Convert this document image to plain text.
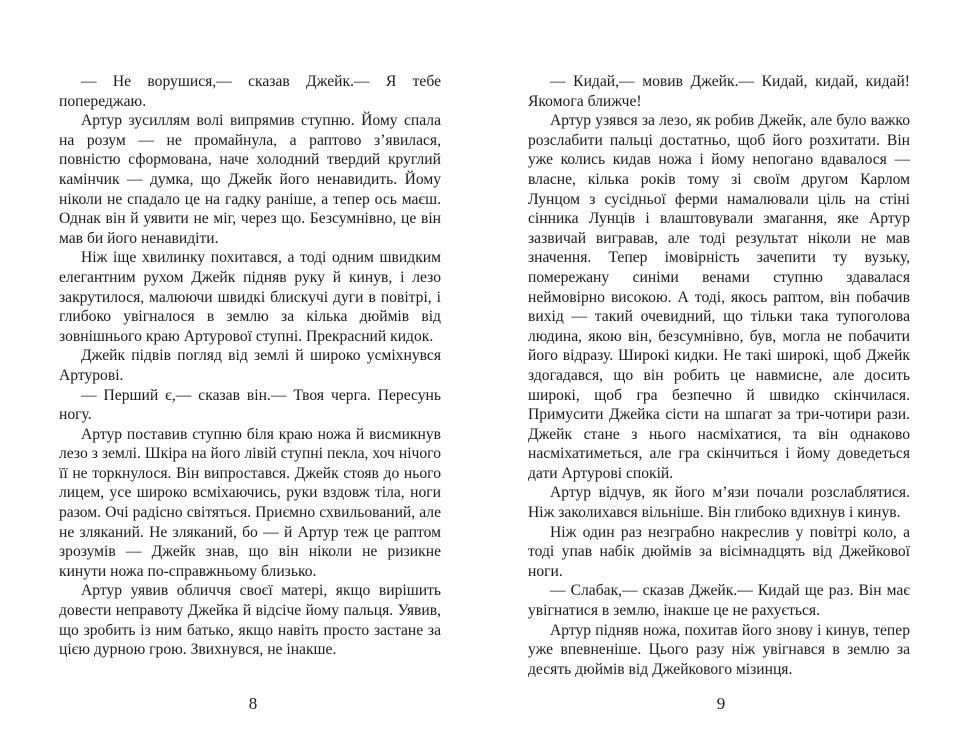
— Не ворушися,— сказав Джейк.— Я тебе попереджаю.

Артур зусиллям волі випрямив ступню. Йому спала на розум — не промайнула, а раптово з’явилася, повністю сформована, наче холодний твердий круглий камінчик — думка, що Джейк його ненавидить. Йому ніколи не спадало це на гадку раніше, а тепер ось маєш. Однак він й уявити не міг, через що. Безсумнівно, це він мав би його ненавидіти.

Ніж іще хвилинку похитався, а тоді одним швидким елегантним рухом Джейк підняв руку й кинув, і лезо закрутилося, малюючи швидкі блискучі дуги в повітрі, і глибоко увігналося в землю за кілька дюймів від зовнішнього краю Артурової ступні. Прекрасний кидок.

Джейк підвів погляд від землі й широко усміхнувся Артурові.

— Перший є,— сказав він.— Твоя черга. Пересунь ногу.

Артур поставив ступню біля краю ножа й висмикнув лезо з землі. Шкіра на його лівій ступні пекла, хоч нічого її не торкнулося. Він випростався. Джейк стояв до нього лицем, усе широко всміхаючись, руки вздовж тіла, ноги разом. Очі радісно світяться. Приємно схвильований, але не зляканий. Не зляканий, бо — й Артур теж це раптом зрозумів — Джейк знав, що він ніколи не ризикне кинути ножа по-справжньому близько.

Артур уявив обличчя своєї матері, якщо вирішить довести неправоту Джейка й відсіче йому пальця. Уявив, що зробить із ним батько, якщо навіть просто застане за цією дурною грою. Звихнувся, не інакше.

— Кидай,— мовив Джейк.— Кидай, кидай, кидай! Якомога ближче!

Артур узявся за лезо, як робив Джейк, але було важко розслабити пальці достатньо, щоб його розхитати. Він уже колись кидав ножа і йому непогано вдавалося — власне, кілька років тому зі своїм другом Карлом Лунцом з сусідньої ферми намалювали ціль на стіні сінника Лунців і влаштовували змагання, яке Артур зазвичай вигравав, але тоді результат ніколи не мав значення. Тепер імовірність зачепити ту вузьку, помережану синіми венами ступню здавалася неймовірно високою. А тоді, якось раптом, він побачив вихід — такий очевидний, що тільки така тупоголова людина, якою він, безсумнівно, був, могла не побачити його відразу. Широкі кидки. Не такі широкі, щоб Джейк здогадався, що він робить це навмисне, але досить широкі, щоб гра безпечно й швидко скінчилася. Примусити Джейка сісти на шпагат за три-чотири рази. Джейк стане з нього насміхатися, та він однаково насміхатиметься, але гра скінчиться і йому доведеться дати Артурові спокій.

Артур відчув, як його м’язи почали розслаблятися. Ніж заколихався вільніше. Він глибоко вдихнув і кинув.

Ніж один раз незграбно накреслив у повітрі коло, а тоді упав набік дюймів за вісімнадцять від Джейкової ноги.

— Слабак,— сказав Джейк.— Кидай ще раз. Він має увігнатися в землю, інакше це не рахується.

Артур підняв ножа, похитав його знову і кинув, тепер уже впевненіше. Цього разу ніж увігнався в землю за десять дюймів від Джейкового мізинця.

8	9
